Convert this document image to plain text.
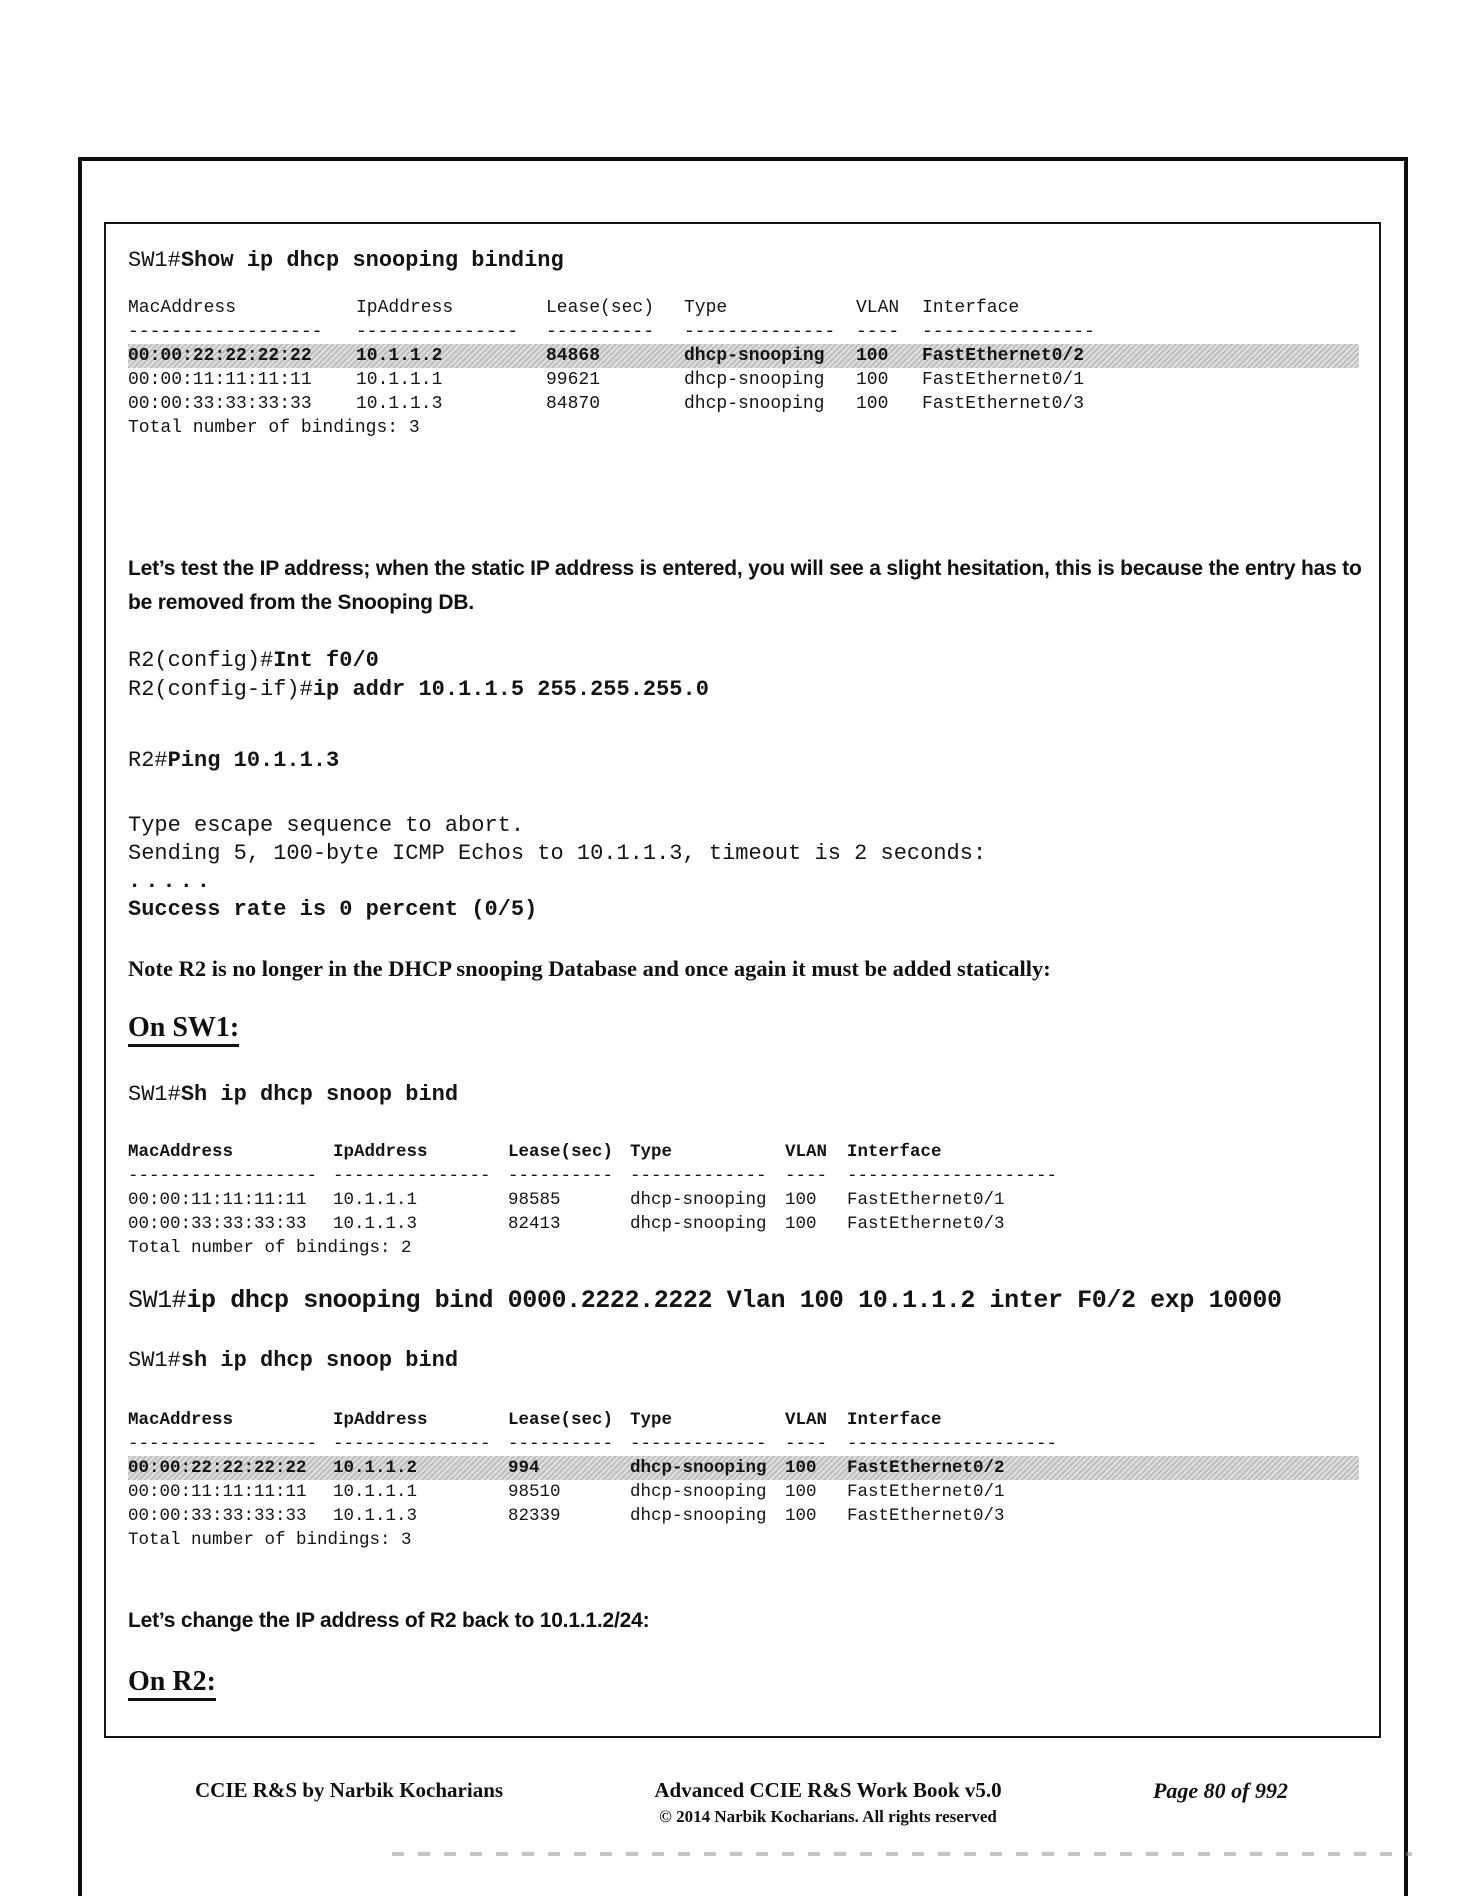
SW1#Show ip dhcp snooping binding
MacAddress	IpAddress	Lease(sec)	Type	VLAN	Interface
------------------	---------------	----------	--------------	----	----------------
00:00:22:22:22:22	10.1.1.2	84868	dhcp-snooping	100	FastEthernet0/2
00:00:11:11:11:11	10.1.1.1	99621	dhcp-snooping	100	FastEthernet0/1
00:00:33:33:33:33	10.1.1.3	84870	dhcp-snooping	100	FastEthernet0/3
Total number of bindings: 3

Let’s test the IP address; when the static IP address is entered, you will see a slight hesitation, this is because the entry has to be removed from the Snooping DB.

R2(config)#Int f0/0
R2(config-if)#ip addr 10.1.1.5 255.255.255.0
R2#Ping 10.1.1.3
Type escape sequence to abort.
Sending 5, 100-byte ICMP Echos to 10.1.1.3, timeout is 2 seconds:
.....
Success rate is 0 percent (0/5)

Note R2 is no longer in the DHCP snooping Database and once again it must be added statically:

On SW1:
SW1#Sh ip dhcp snoop bind
MacAddress	IpAddress	Lease(sec) Type	VLAN	Interface
------------------ --------------- ---------- -------------	----	--------------------
00:00:11:11:11:11	10.1.1.1	98585	dhcp-snooping	100	FastEthernet0/1
00:00:33:33:33:33	10.1.1.3	82413	dhcp-snooping	100	FastEthernet0/3
Total number of bindings: 2
SW1#ip dhcp snooping bind 0000.2222.2222 Vlan 100 10.1.1.2 inter F0/2 exp 10000
SW1#sh ip dhcp snoop bind
MacAddress	IpAddress	Lease(sec) Type	VLAN	Interface
------------------ --------------- ---------- -------------	----	--------------------
00:00:22:22:22:22	10.1.1.2	994	dhcp-snooping	100	FastEthernet0/2
00:00:11:11:11:11	10.1.1.1	98510	dhcp-snooping	100	FastEthernet0/1
00:00:33:33:33:33	10.1.1.3	82339	dhcp-snooping	100	FastEthernet0/3
Total number of bindings: 3

Let’s change the IP address of R2 back to 10.1.1.2/24:

On R2:
CCIE R&S by Narbik Kocharians	Advanced CCIE R&S Work Book v5.0
© 2014 Narbik Kocharians. All rights reserved
Page 80 of 992
